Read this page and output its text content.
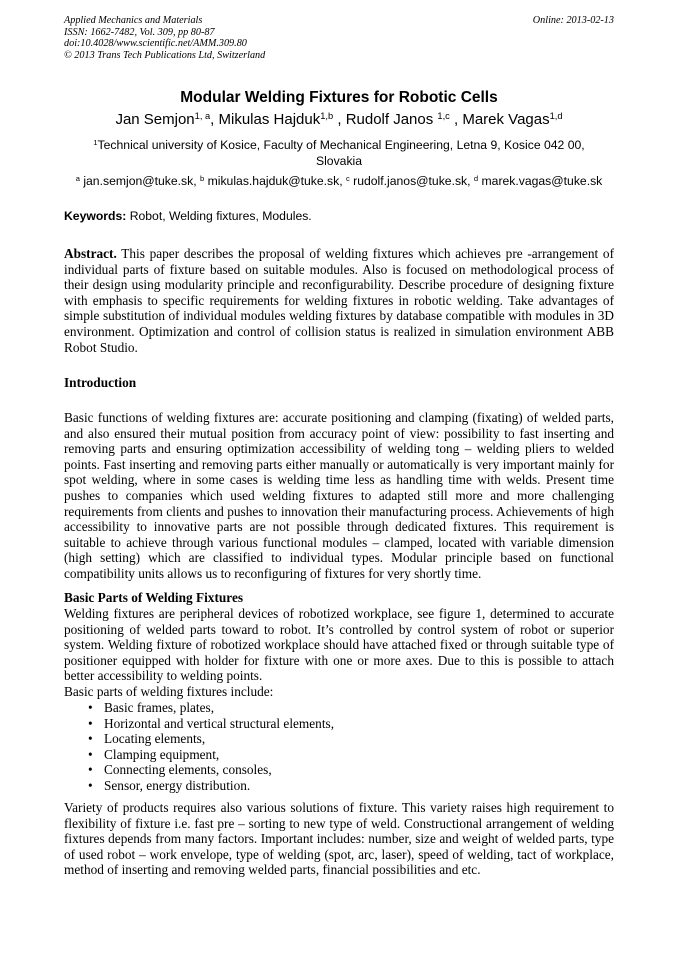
Applied Mechanics and Materials
ISSN: 1662-7482, Vol. 309, pp 80-87
doi:10.4028/www.scientific.net/AMM.309.80
© 2013 Trans Tech Publications Ltd, Switzerland
Online: 2013-02-13
Modular Welding Fixtures for Robotic Cells
Jan Semjon$^{1, a}$, Mikulas Hajduk$^{1,b}$ , Rudolf Janos $^{1,c}$ , Marek Vagas$^{1,d}$
$^1$Technical university of Kosice, Faculty of Mechanical Engineering, Letna 9, Kosice 042 00, Slovakia
$^a$ jan.semjon@tuke.sk, $^b$ mikulas.hajduk@tuke.sk, $^c$ rudolf.janos@tuke.sk, $^d$ marek.vagas@tuke.sk
Keywords: Robot, Welding fixtures, Modules.

Abstract. This paper describes the proposal of welding fixtures which achieves pre -arrangement of individual parts of fixture based on suitable modules. Also is focused on methodological process of their design using modularity principle and reconfigurability. Describe procedure of designing fixture with emphasis to specific requirements for welding fixtures in robotic welding. Take advantages of simple substitution of individual modules welding fixtures by database compatible with modules in 3D environment. Optimization and control of collision status is realized in simulation environment ABB Robot Studio.

Introduction

Basic functions of welding fixtures are: accurate positioning and clamping (fixating) of welded parts, and also ensured their mutual position from accuracy point of view: possibility to fast inserting and removing parts and ensuring optimization accessibility of welding tong – welding pliers to welded points. Fast inserting and removing parts either manually or automatically is very important mainly for spot welding, where in some cases is welding time less as handling time with welds. Present time pushes to companies which used welding fixtures to adapted still more and more challenging requirements from clients and pushes to innovation their manufacturing process. Achievements of high accessibility to innovative parts are not possible through dedicated fixtures. This requirement is suitable to achieve through various functional modules – clamped, located with variable dimension (high setting) which are classified to individual types. Modular principle based on functional compatibility units allows us to reconfiguring of fixtures for very shortly time.

Basic Parts of Welding Fixtures

Welding fixtures are peripheral devices of robotized workplace, see figure 1, determined to accurate positioning of welded parts toward to robot. It’s controlled by control system of robot or superior system. Welding fixture of robotized workplace should have attached fixed or through suitable type of positioner equipped with holder for fixture with one or more axes. Due to this is possible to attach better accessibility to welding points.

Basic parts of welding fixtures include:
• Basic frames, plates,
• Horizontal and vertical structural elements,
• Locating elements,
• Clamping equipment,
• Connecting elements, consoles,
• Sensor, energy distribution.

Variety of products requires also various solutions of fixture. This variety raises high requirement to flexibility of fixture i.e. fast pre – sorting to new type of weld. Constructional arrangement of welding fixtures depends from many factors. Important includes: number, size and weight of welded parts, type of used robot – work envelope, type of welding (spot, arc, laser), speed of welding, tact of workplace, method of inserting and removing welded parts, financial possibilities and etc.
